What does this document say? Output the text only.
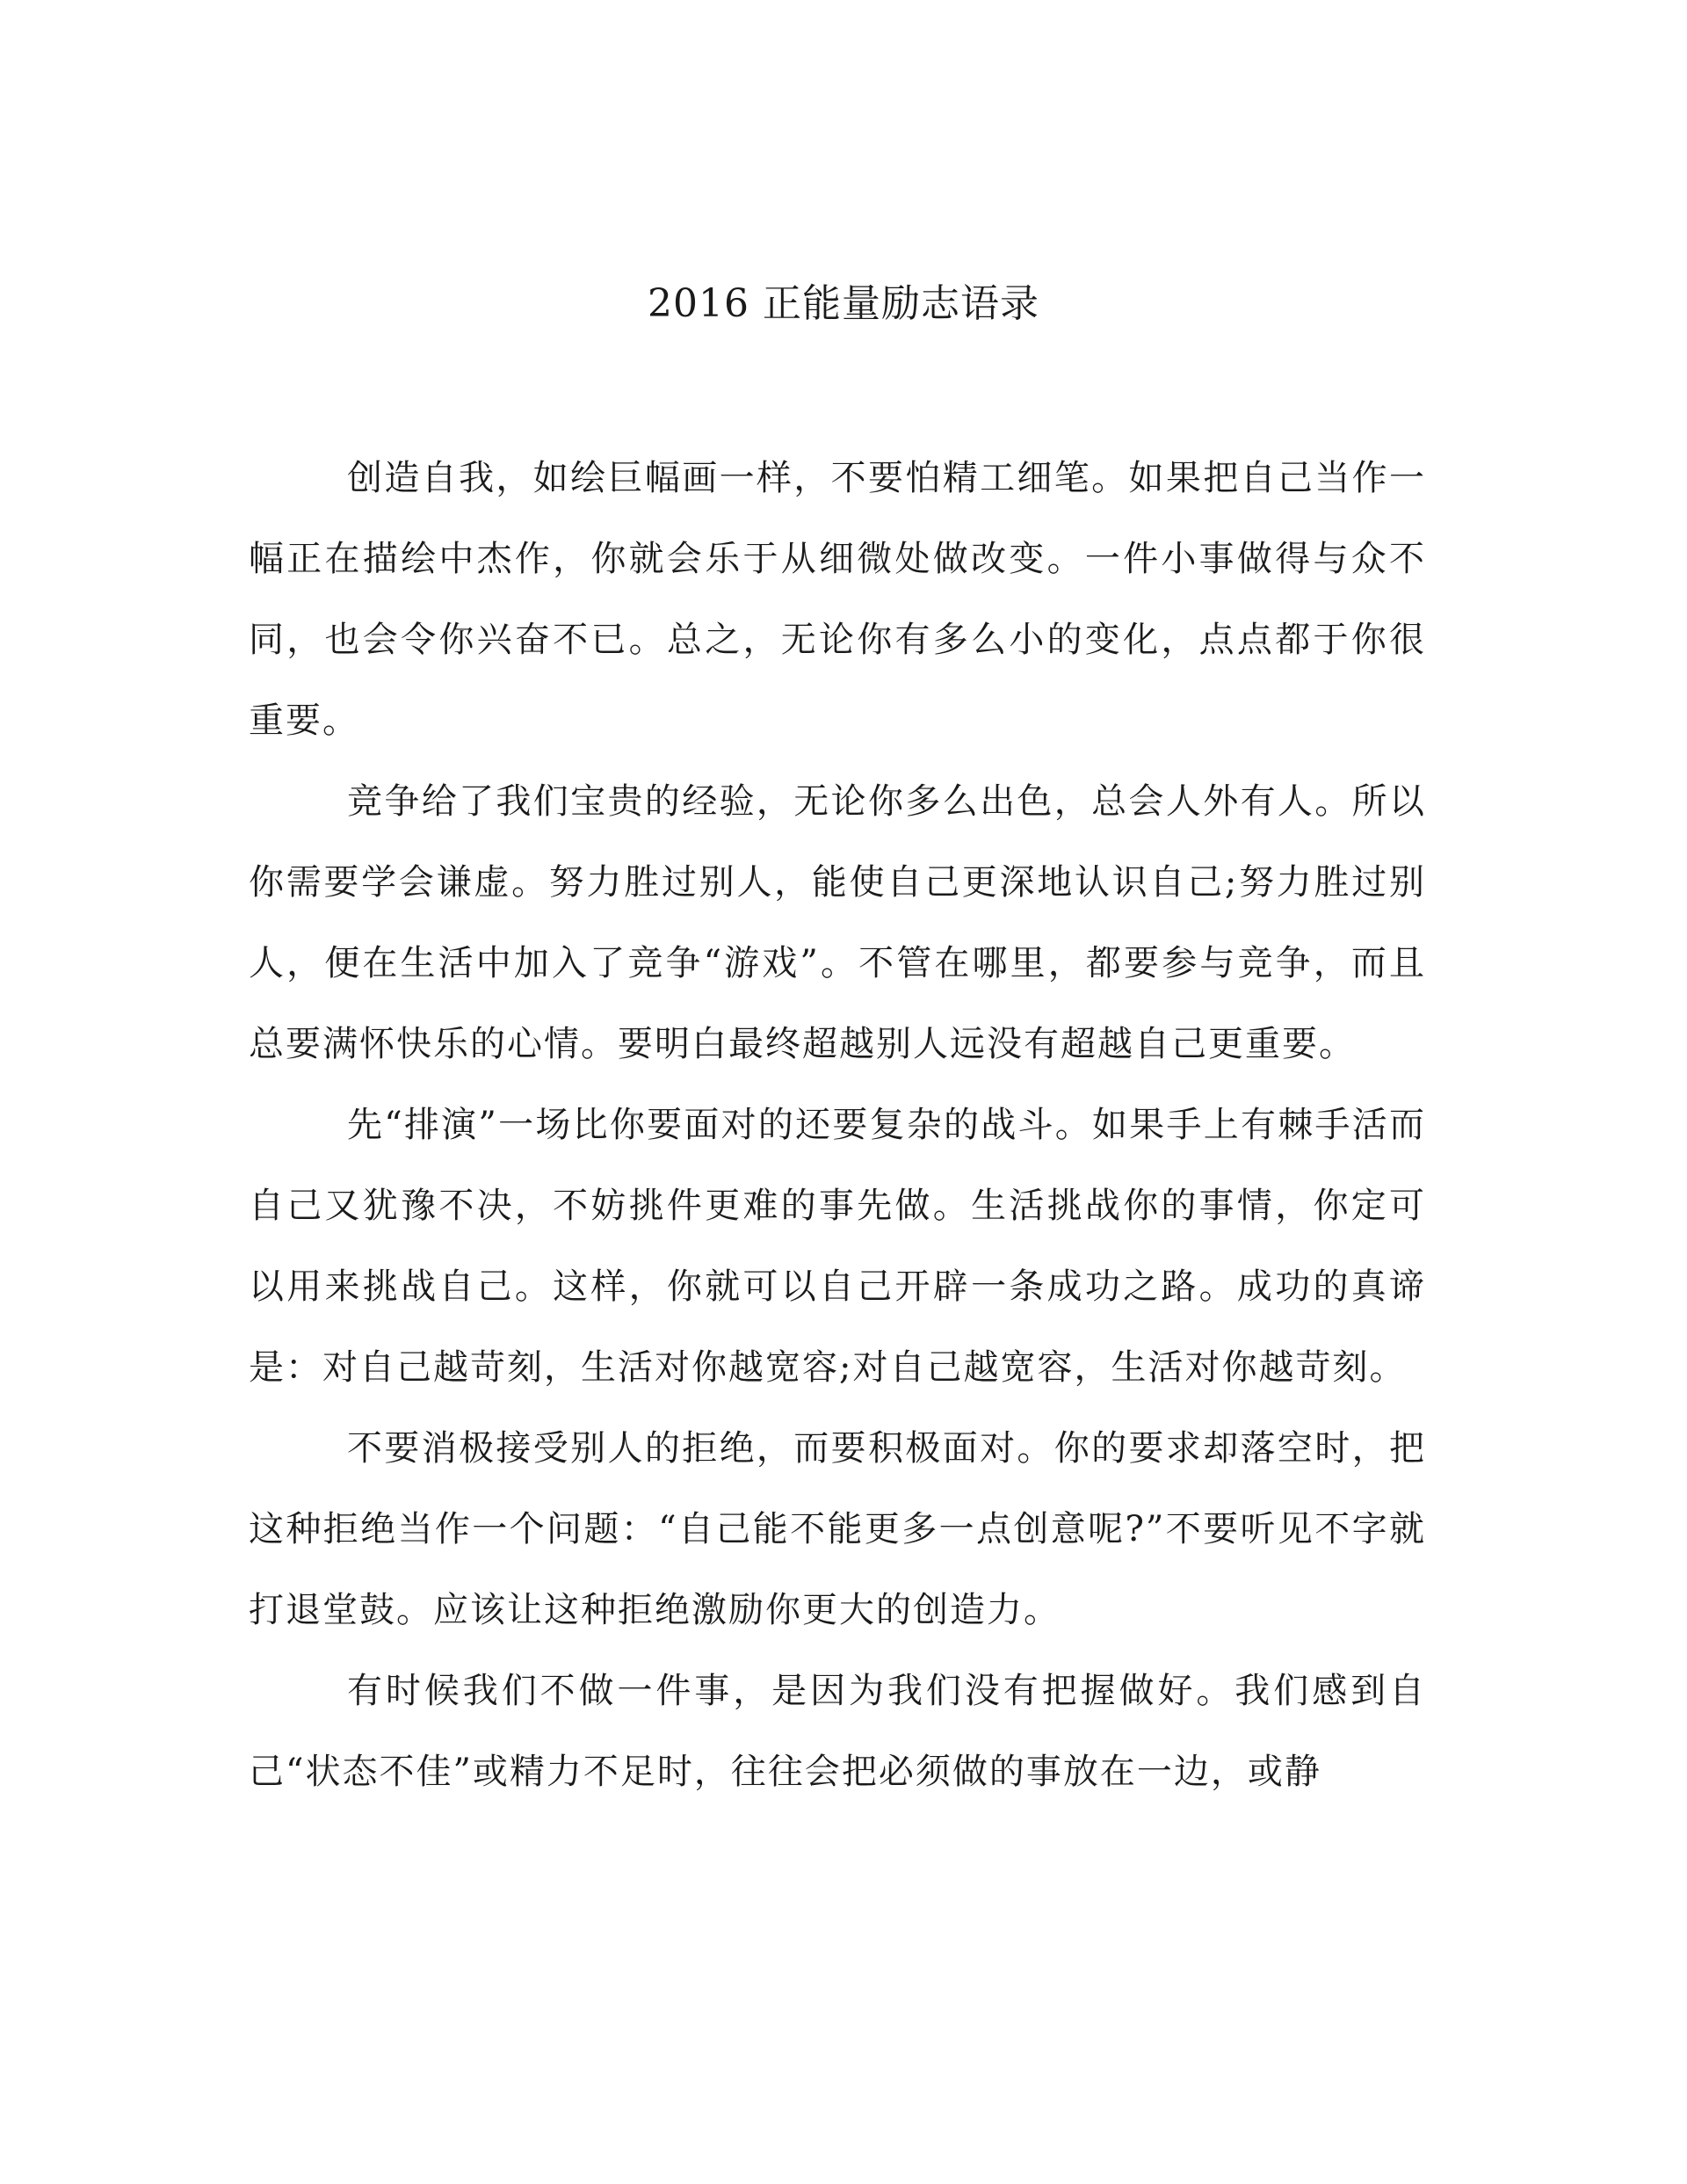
2016 正能量励志语录

创造自我，如绘巨幅画一样，不要怕精工细笔。如果把自己当作一幅正在描绘中杰作，你就会乐于从细微处做改变。一件小事做得与众不同，也会令你兴奋不已。总之，无论你有多么小的变化，点点都于你很重要。

竞争给了我们宝贵的经验，无论你多么出色，总会人外有人。所以你需要学会谦虚。努力胜过别人，能使自己更深地认识自己;努力胜过别人，便在生活中加入了竞争“游戏”。不管在哪里，都要参与竞争，而且总要满怀快乐的心情。要明白最终超越别人远没有超越自己更重要。

先“排演”一场比你要面对的还要复杂的战斗。如果手上有棘手活而自己又犹豫不决，不妨挑件更难的事先做。生活挑战你的事情，你定可以用来挑战自己。这样，你就可以自己开辟一条成功之路。成功的真谛是：对自己越苛刻，生活对你越宽容;对自己越宽容，生活对你越苛刻。

不要消极接受别人的拒绝，而要积极面对。你的要求却落空时，把这种拒绝当作一个问题：“自己能不能更多一点创意呢?”不要听见不字就打退堂鼓。应该让这种拒绝激励你更大的创造力。

有时候我们不做一件事，是因为我们没有把握做好。我们感到自己“状态不佳”或精力不足时，往往会把必须做的事放在一边，或静
